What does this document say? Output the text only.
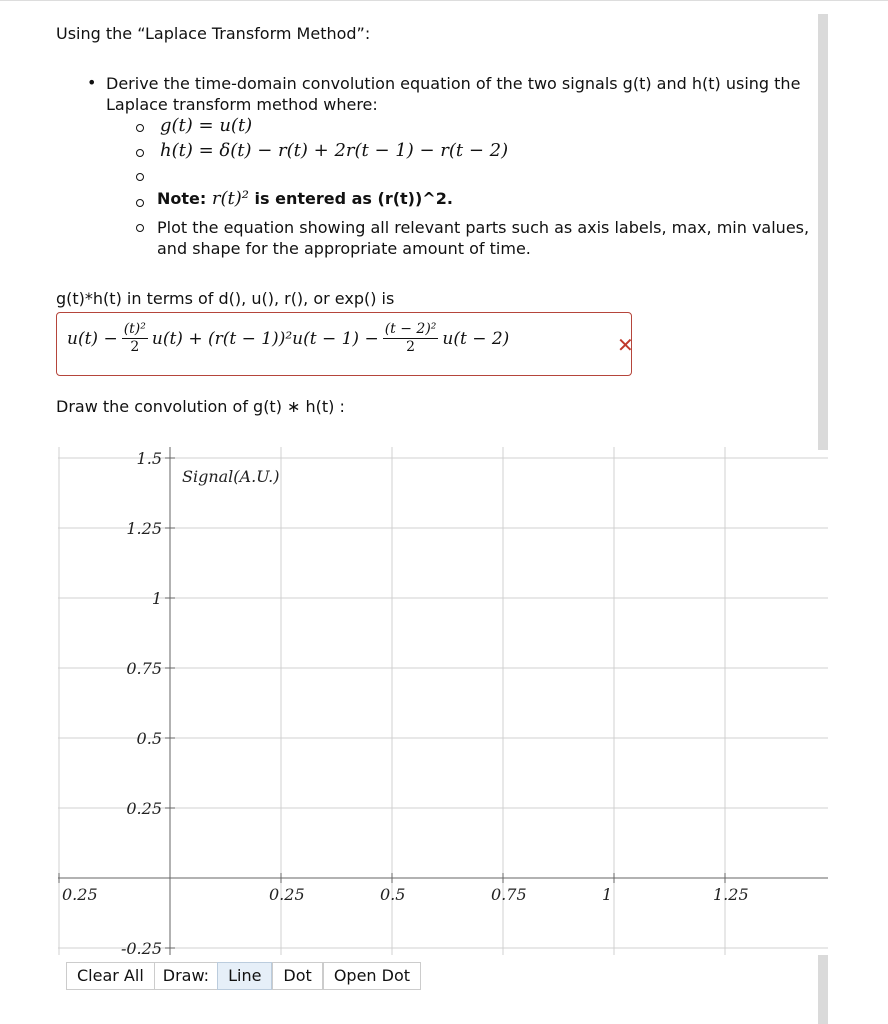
Using the “Laplace Transform Method”:
• Derive the time-domain convolution equation of the two signals g(t) and h(t) using the Laplace transform method where:
g(t) = u(t)
h(t) = δ(t) − r(t) + 2r(t − 1) − r(t − 2)
Note: r(t)² is entered as (r(t))^2.
Plot the equation showing all relevant parts such as axis labels, max, min values, and shape for the appropriate amount of time.
g(t)*h(t) in terms of d(), u(), r(), or exp() is
$u(t) - \frac{\text{(t)²}}{2} u(t) + (r(t - 1))^2u(t - 1) - \frac{\text{(t − 2)²}}{2} u(t - 2)$	✕
Draw the convolution of g(t) ∗ h(t) :
0.25	0.25	0.5	0.75	1	1.25
1.5
1.25
1
0.75
0.5
0.25
-0.25
Signal(A.U.)
Clear All	Draw:	Line	Dot	Open Dot
